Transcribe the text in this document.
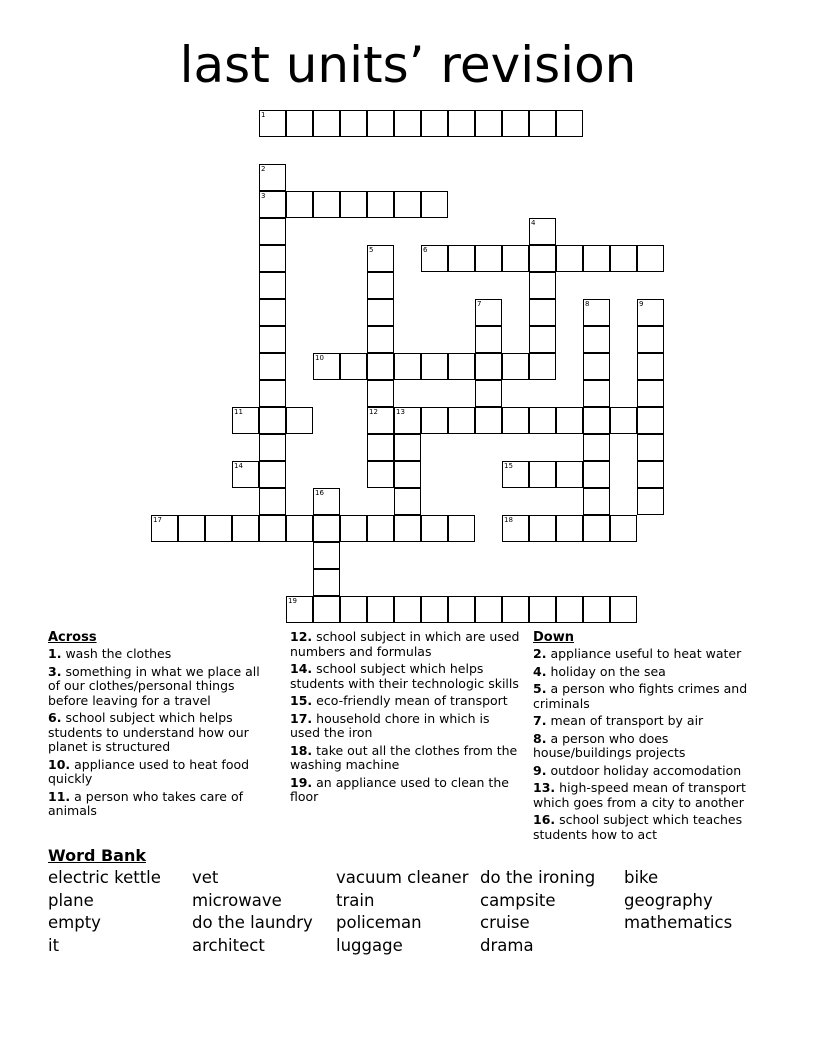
last units’ revision
1
2
3
4
5
12
6
7	8	9
10
11	13
14	15
16
17	18
19
Across
1. wash the clothes
3. something in what we place all of our clothes/personal things before leaving for a travel
6. school subject which helps students to understand how our planet is structured
10. appliance used to heat food quickly
11. a person who takes care of animals
12. school subject in which are used numbers and formulas
14. school subject which helps students with their technologic skills
15. eco-friendly mean of transport
17. household chore in which is used the iron
18. take out all the clothes from the washing machine
19. an appliance used to clean the floor
Down
2. appliance useful to heat water
4. holiday on the sea
5. a person who fights crimes and criminals
7. mean of transport by air
8. a person who does house/buildings projects
9. outdoor holiday accomodation
13. high-speed mean of transport which goes from a city to another
16. school subject which teaches students how to act
Word Bank
electric kettle
plane
empty
it
vet
microwave
do the laundry
architect
vacuum cleaner
train
policeman
luggage
do the ironing
campsite
cruise
drama
bike
geography
mathematics
